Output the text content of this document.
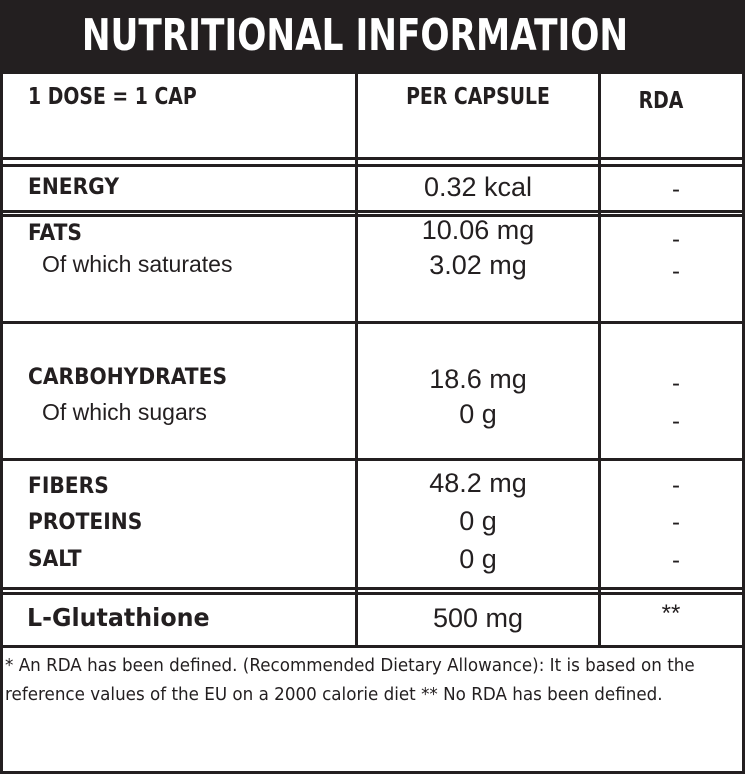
NUTRITIONAL INFORMATION
1 DOSE = 1 CAP	PER CAPSULE	RDA
ENERGY	0.32 kcal	-
FATS	10.06 mg	-
Of which saturates	3.02 mg	-
CARBOHYDRATES	18.6 mg	-
Of which sugars	0 g	-
FIBERS	48.2 mg	-
PROTEINS	0 g	-
SALT	0 g	-
L-Glutathione	500 mg	**
* An RDA has been defined. (Recommended Dietary Allowance): It is based on the reference values of the EU on a 2000 calorie diet ** No RDA has been defined.
